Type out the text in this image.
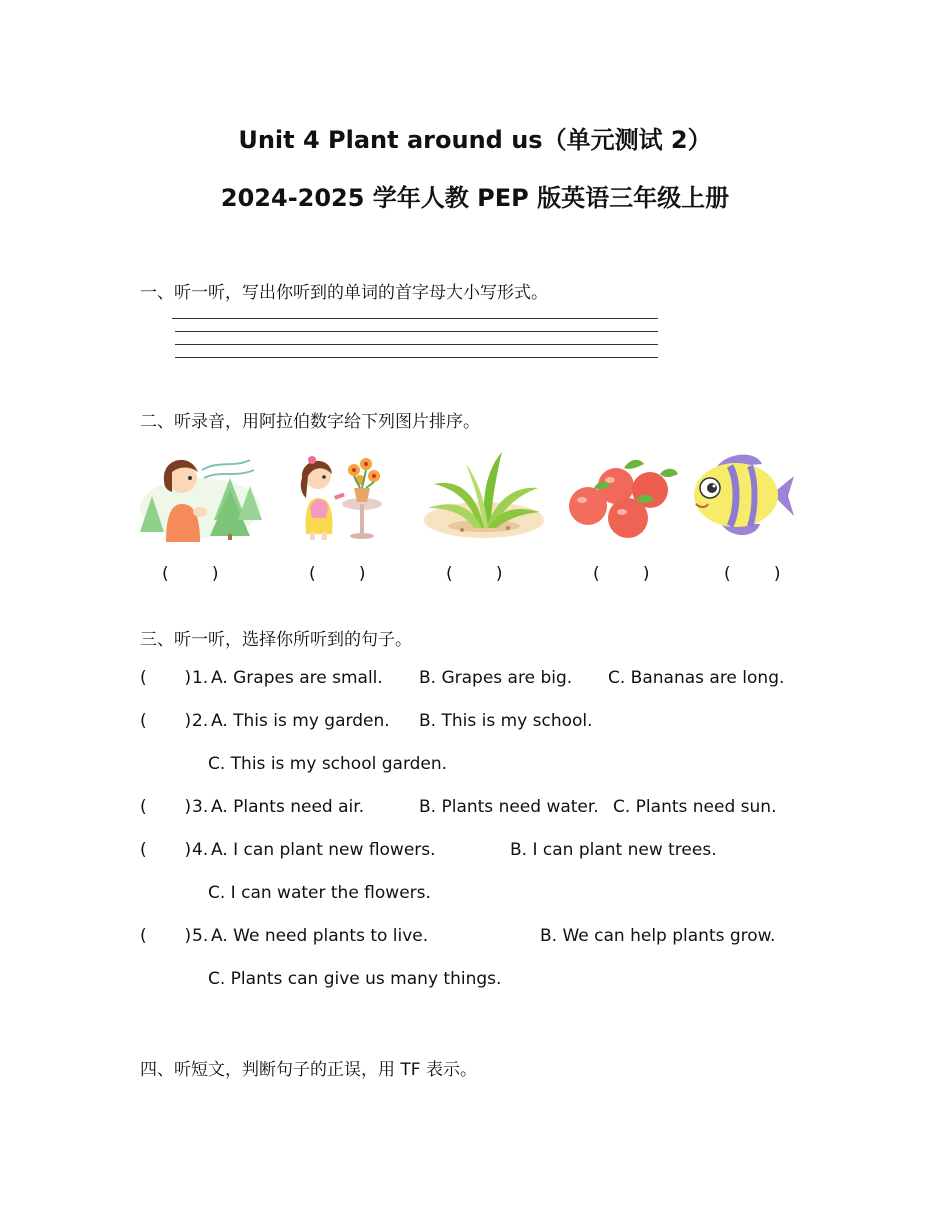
Unit 4 Plant around us（单元测试 2）
2024-2025 学年人教 PEP 版英语三年级上册
一、听一听，写出你听到的单词的首字母大小写形式。
二、听录音，用阿拉伯数字给下列图片排序。
(        )	(        )	(        )	(        )	(        )
三、听一听，选择你所听到的句子。
(       ) 1. A. Grapes are small. B. Grapes are big. C. Bananas are long.
(       ) 2. A. This is my garden. B. This is my school.
C. This is my school garden.
(       ) 3. A. Plants need air.	B. Plants need water. C. Plants need sun.
(       ) 4. A. I can plant new flowers.	B. I can plant new trees.
C. I can water the flowers.
(       ) 5. A. We need plants to live.	B. We can help plants grow.
C. Plants can give us many things.
四、听短文，判断句子的正误，用 TF 表示。
